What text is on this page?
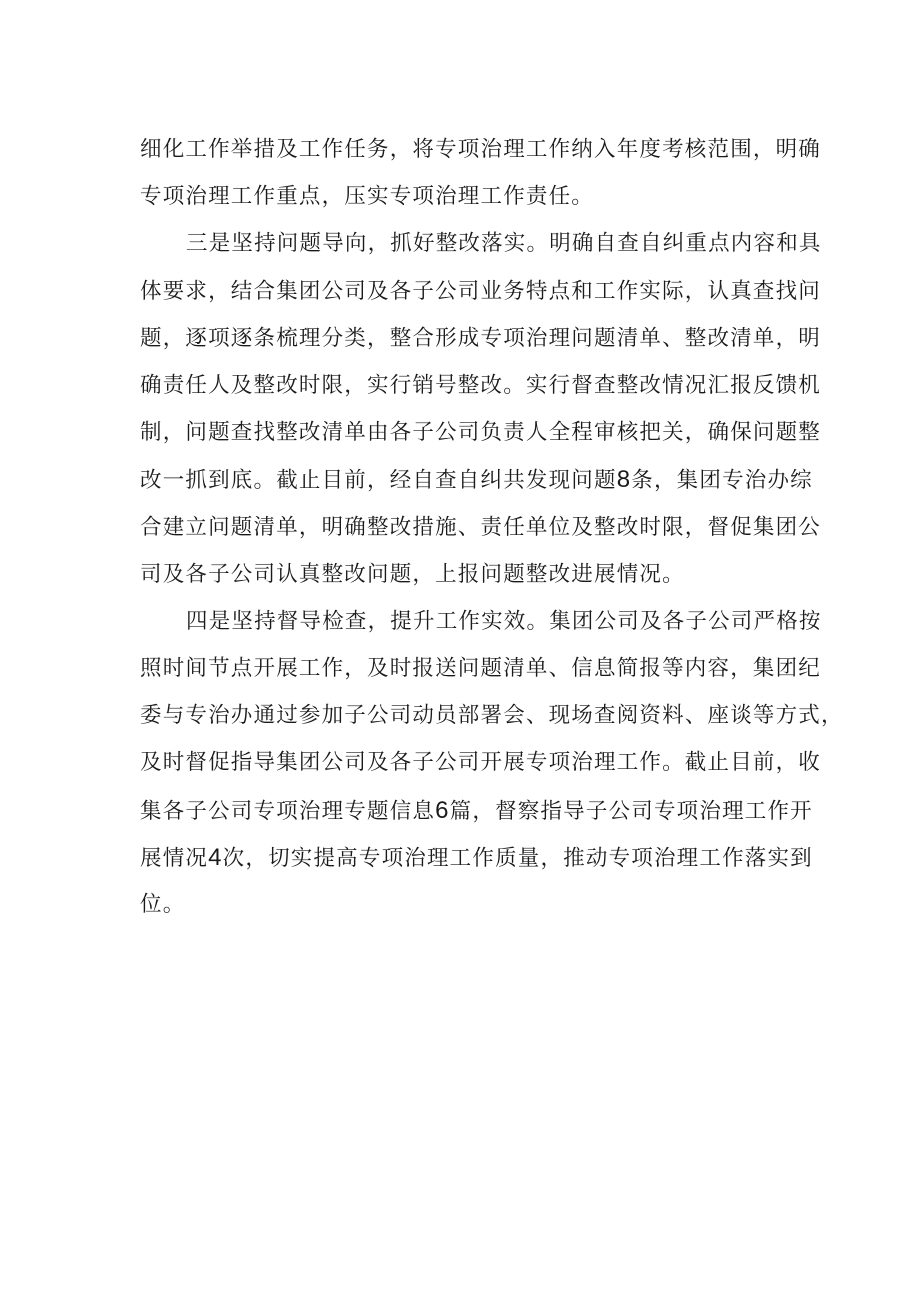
细化工作举措及工作任务，将专项治理工作纳入年度考核范围，明确
专项治理工作重点，压实专项治理工作责任。
三是坚持问题导向，抓好整改落实。明确自查自纠重点内容和具
体要求，结合集团公司及各子公司业务特点和工作实际，认真查找问
题，逐项逐条梳理分类，整合形成专项治理问题清单、整改清单，明
确责任人及整改时限，实行销号整改。实行督查整改情况汇报反馈机
制，问题查找整改清单由各子公司负责人全程审核把关，确保问题整
改一抓到底。截止目前，经自查自纠共发现问题8条，集团专治办综
合建立问题清单，明确整改措施、责任单位及整改时限，督促集团公
司及各子公司认真整改问题，上报问题整改进展情况。
四是坚持督导检查，提升工作实效。集团公司及各子公司严格按
照时间节点开展工作，及时报送问题清单、信息简报等内容，集团纪
委与专治办通过参加子公司动员部署会、现场查阅资料、座谈等方式，
及时督促指导集团公司及各子公司开展专项治理工作。截止目前，收
集各子公司专项治理专题信息6篇，督察指导子公司专项治理工作开
展情况4次，切实提高专项治理工作质量，推动专项治理工作落实到
位。
